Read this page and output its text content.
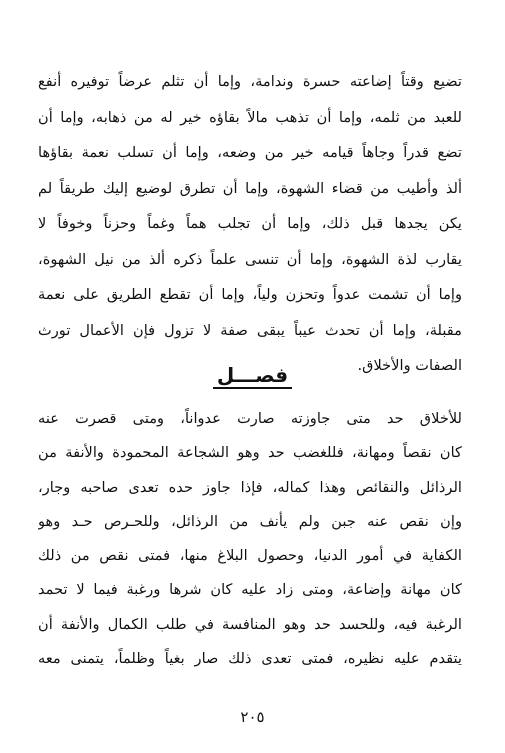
تضيع وقتاً إضاعته حسرة وندامة، وإما أن تثلم عرضاً توفيره أنفع
للعبد من ثلمه، وإما أن تذهب مالاً بقاؤه خير له من ذهابه، وإما أن
تضع قدراً وجاهاً قيامه خير من وضعه، وإما أن تسلب نعمة بقاؤها
ألذ وأطيب من قضاء الشهوة، وإما أن تطرق لوضيع إليك طريقاً لم
يكن يجدها قبل ذلك، وإما أن تجلب هماً وغماً وحزناً وخوفاً لا
يقارب لذة الشهوة، وإما أن تنسى علماً ذكره ألذ من نيل الشهوة،
وإما أن تشمت عدواً وتحزن ولياً، وإما أن تقطع الطريق على نعمة
مقبلة، وإما أن تحدث عيباً يبقى صفة لا تزول فإن الأعمال تورث
الصفات والأخلاق.
فصـــل
للأخلاق حد متى جاوزته صارت عدواناً، ومتى قصرت عنه
كان نقصاً ومهانة، فللغضب حد وهو الشجاعة المحمودة والأنفة من
الرذائل والنقائص وهذا كماله، فإذا جاوز حده تعدى صاحبه وجار،
وإن نقص عنه جبن ولم يأنف من الرذائل، وللحـرص حـد وهو
الكفاية في أمور الدنيا، وحصول البلاغ منها، فمتى نقص من ذلك
كان مهانة وإضاعة، ومتى زاد عليه كان شرها ورغبة فيما لا تحمد
الرغبة فيه، وللحسد حد وهو المنافسة في طلب الكمال والأنفة أن
يتقدم عليه نظيره، فمتى تعدى ذلك صار بغياً وظلماً، يتمنى معه
٢٠٥
